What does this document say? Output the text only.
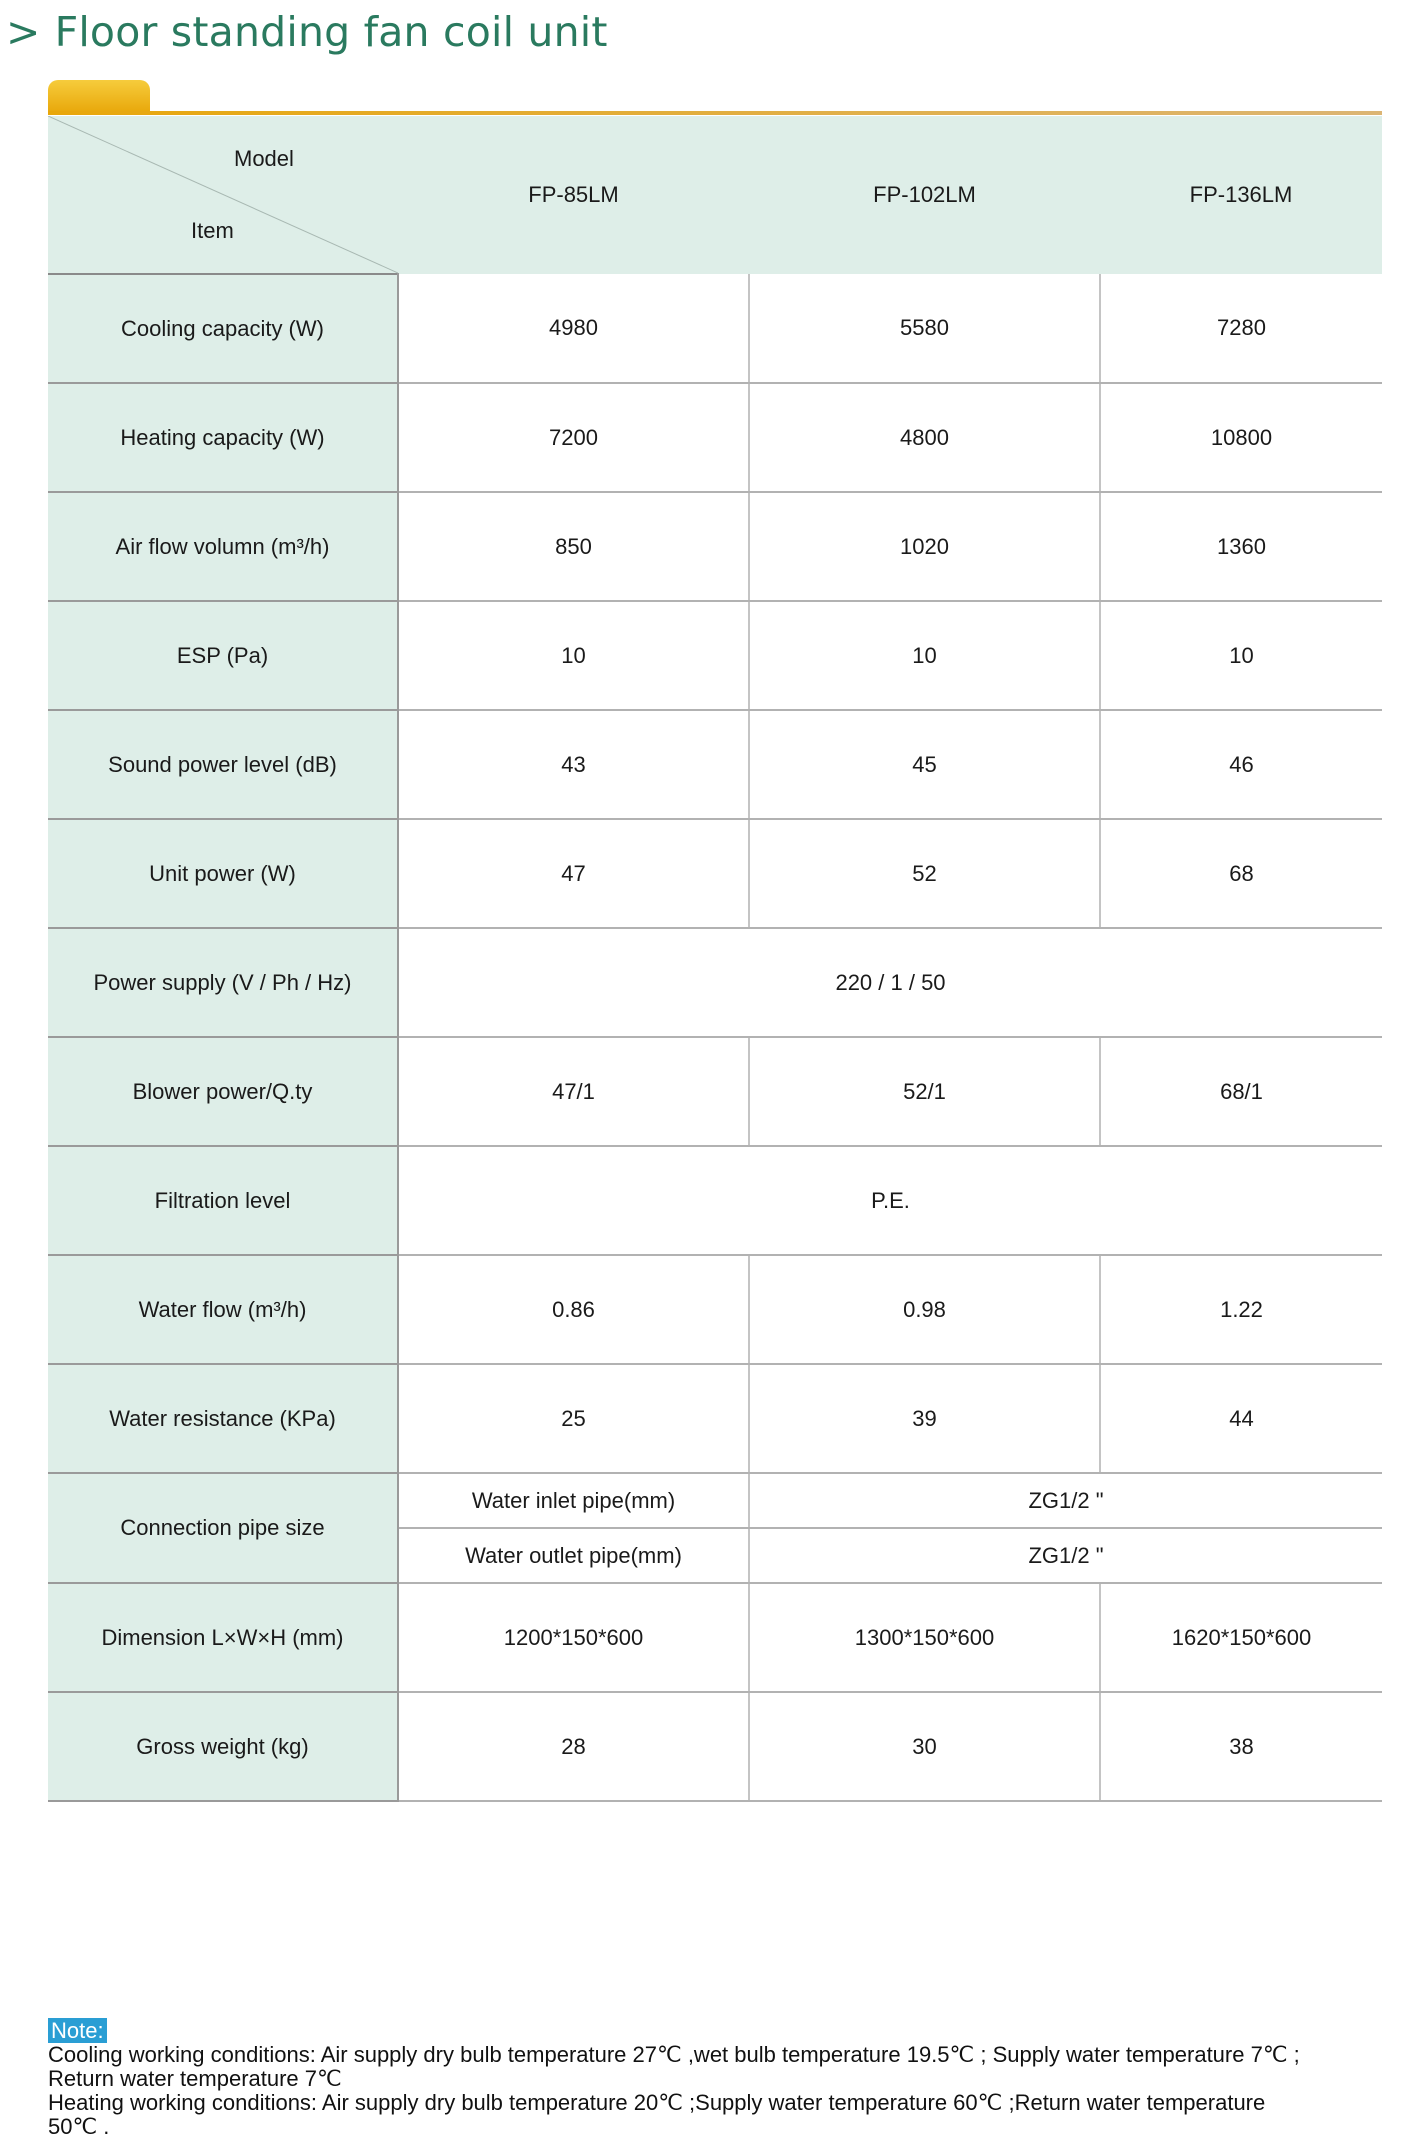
> Floor standing fan coil unit
Model
Item	FP-85LM	FP-102LM	FP-136LM
Cooling capacity (W)	4980	5580	7280
Heating capacity (W)	7200	4800	10800
Air flow volumn (m³/h)	850	1020	1360
ESP (Pa)	10	10	10
Sound power level (dB)	43	45	46
Unit power (W)	47	52	68
Power supply (V / Ph / Hz)	220 / 1 / 50		
Blower power/Q.ty	47/1	52/1	68/1
Filtration level	P.E.		
Water flow (m³/h)	0.86	0.98	1.22
Water resistance (KPa)	25	39	44
Connection pipe size	Water inlet pipe(mm)	ZG1/2 "	
	Water outlet pipe(mm)	ZG1/2 "	
Dimension L×W×H (mm)	1200*150*600	1300*150*600	1620*150*600
Gross weight (kg)	28	30	38
Note:
Cooling working conditions: Air supply dry bulb temperature 27℃ ,wet bulb temperature 19.5℃ ; Supply water temperature 7℃ ;
Return water temperature 7℃
Heating working conditions: Air supply dry bulb temperature 20℃ ;Supply water temperature 60℃ ;Return water temperature
50℃ .
